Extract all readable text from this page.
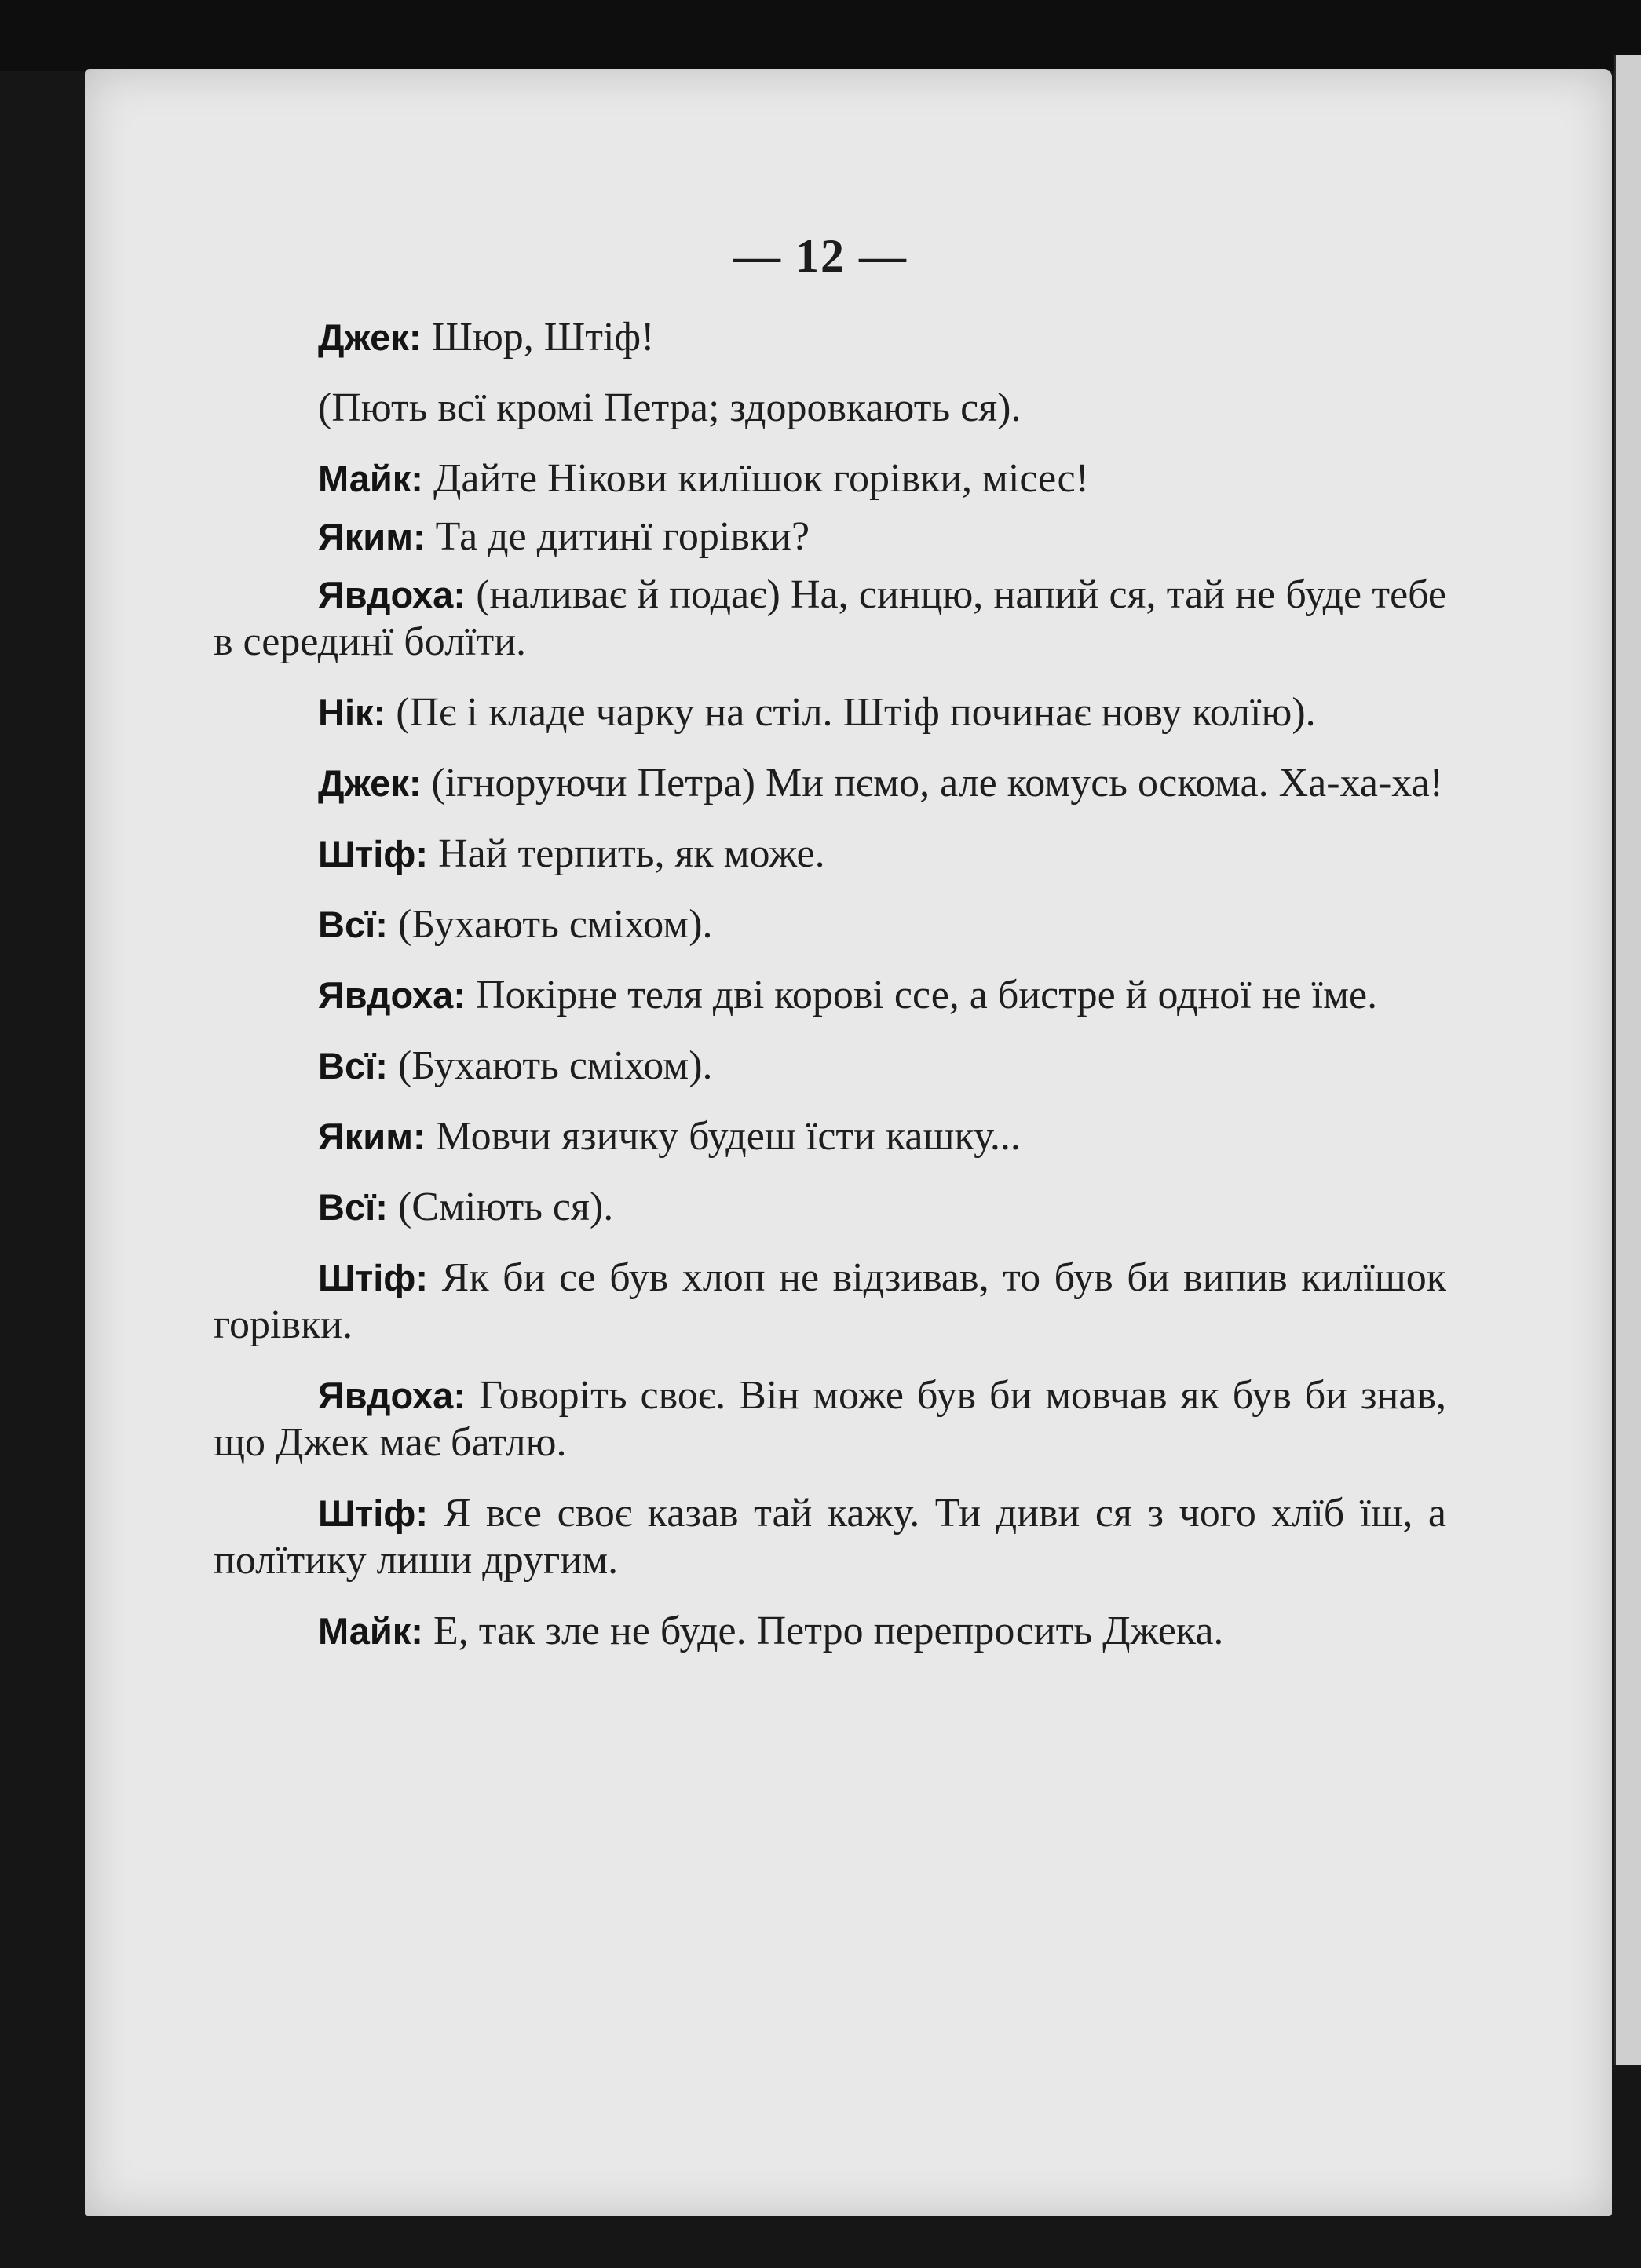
— 12 —

Джек: Шюр, Штіф!

(Пють всї кромі Петра; здоровкають ся).

Майк: Дайте Нікови килїшок горівки, місес!

Яким: Та де дитинї горівки?

Явдоха: (наливає й подає) На, синцю, напий ся, тай не буде тебе в серединї болїти.

Нік: (Пє і кладе чарку на стіл. Штіф починає нову колїю).

Джек: (ігноруючи Петра) Ми пємо, але комусь оскома. Ха-ха-ха!

Штіф: Най терпить, як може.

Всї: (Бухають сміхом).

Явдоха: Покірне теля дві корові ссе, а бистре й одної не ïме.

Всї: (Бухають сміхом).

Яким: Мовчи язичку будеш ïсти кашку...

Всї: (Сміють ся).

Штіф: Як би се був хлоп не відзивав, то був би випив килїшок горівки.

Явдоха: Говоріть своє. Він може був би мовчав як був би знав, що Джек має батлю.

Штіф: Я все своє казав тай кажу. Ти диви ся з чого хлїб ïш, а полїтику лиши другим.

Майк: Е, так зле не буде. Петро перепросить Джека.
